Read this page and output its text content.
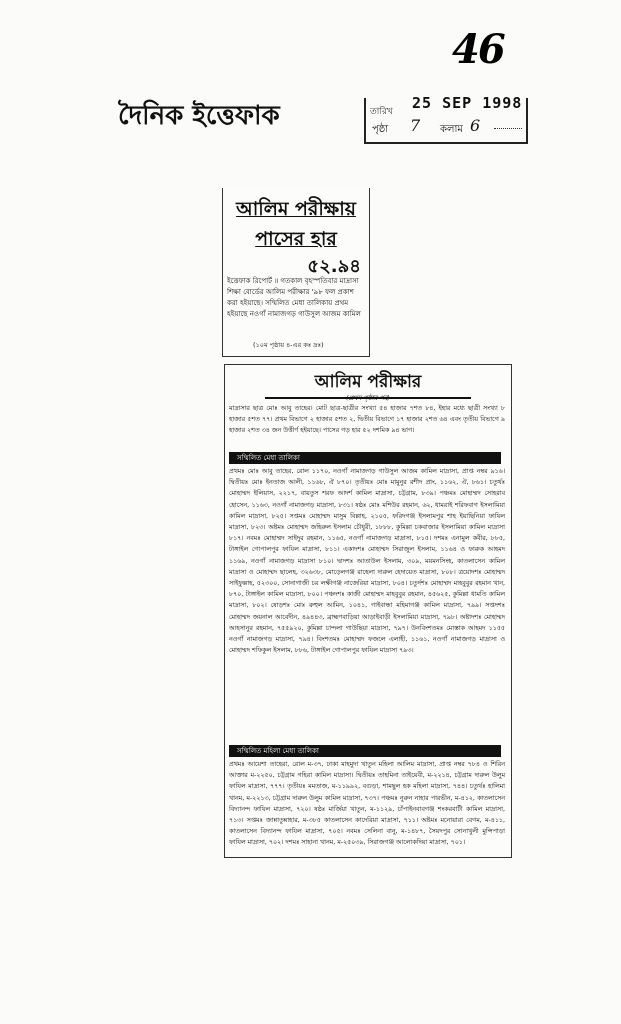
46
দৈনিক ইত্তেফাক	তারিখ 25 SEP 1998
পৃষ্ঠা 7 কলাম 6
আলিম পরীক্ষায়
পাসের হার
৫২.৯৪
ইত্তেফাক রিপোর্ট ॥ গতকাল বৃহস্পতিবার মাদ্রাসা শিক্ষা বোর্ডের আলিম পরীক্ষার '৯৮ ফল প্রকাশ করা হইয়াছে। সম্মিলিত মেধা তালিকায় প্রথম হইয়াছে নওগাঁ নামাজগড় গাউসুল আজম কামিল
(১০ম পৃষ্ঠায় ৪-এর কঃ দ্রঃ)
আলিম পরীক্ষার
(প্রথম পৃষ্ঠার পর)
মাদ্রাসার ছাত্র মোঃ আবু তাহের। মোট ছাত্র-ছাত্রীর সংখ্যা ৫৪ হাজার ৭শত ৮৪, ইহার মধ্যে ছাত্রী সংখ্যা ৮ হাজার ৫শত ৭৭। প্রথম বিভাগে ২ হাজার ৫শত ২, দ্বিতীয় বিভাগে ১৭ হাজার ২শত ৬৪ এবং তৃতীয় বিভাগে ৯ হাজার ২শত ৩৪ জন উত্তীর্ণ হইয়াছে। পাসের গড় হার ৫২ দশমিক ৯৪ ভাগ।
সম্মিলিত মেধা তালিকা
প্রথমঃ মোঃ আবু তাহের, রোল ১১৭০, নওগাঁ নামাজগড় গাউসুল আজম কামিল মাদ্রাসা, প্রাপ্ত নম্বর ৯১৬। দ্বিতীয়ঃ মোঃ ইনতাজ আলী, ১১৬৮, ঐ ৮৭০। তৃতীয়ঃ মোঃ মামুনুর রশীদ প্রাং, ১১৬২, ঐ, ৮৬১। চতুর্থঃ মোহাম্মদ ইলিয়াস, ২২১৭, বায়তুস শরফ আদর্শ কামিল মাদ্রাসা, চট্টগ্রাম, ৮৩৯। পঞ্চমঃ মোহাম্মদ সোহরাব হোসেন, ১১৬৩, নওগাঁ নামাজগড় মাদ্রাসা, ৮৩১। ষষ্ঠঃ মোঃ মশিউর রহমান, ৬২, ধামরাই শরিফবাগ ইসলামিয়া কামিল মাদ্রাসা, ৮২৫। সপ্তমঃ মোহাম্মদ মাসুম বিল্লাহ, ২১০৫, ফরিদগঞ্জ ইসলামপুর শাহ ইয়াছিনিয়া ফাযিল মাদ্রাসা, ৮২৩। অষ্টমঃ মোহাম্মদ জহিরুল ইসলাম চৌধুরী, ১৮৮৮, কুমিল্লা চকবাজার ইসলামিয়া কামিল মাদ্রাসা ৮১৭। নবমঃ মোহাম্মদ সাইদুর রহমান, ১১৬৫, নওগাঁ নামাজগড় মাদ্রাসা, ৮১৫। দশমঃ এনামুল কবীর, ৮৮৫, টাঙ্গাইল গোপালপুর ফাযিল মাদ্রাসা, ৮১১। একাদশঃ মোহাম্মদ সিরাজুল ইসলাম, ১১৬৪ ও ফারুক আহমদ ১১৬৯, নওগাঁ নামাজগড় মাদ্রাসা ৮১০। দ্বাদশঃ আতাউল ইসলাম, ৩০৯, ময়মনসিংহ, কাতলাসেন কামিল মাদ্রাসা ও মোহাম্মদ ছালেহ, ৩২৬৩৮, মোড়েলগঞ্জ রাহেলা দারুল হেদায়েত মাদ্রাসা, ৮০৮। ত্রয়োদশঃ মোহাম্মদ সাইফুল্লাহ, ৫২৩০০, সোনাগাজী চর লক্ষীগঞ্জ নাজেরিয়া মাদ্রাসা, ৮০৪। চতুর্দশঃ মোহাম্মদ মাহবুবুর রহমান খান, ৮৭০, টাঙ্গাইল কামিল মাদ্রাসা, ৮০০। পঞ্চদশঃ কাজী মোহাম্মদ মাহবুবুর রহমান, ৪৫৬২৫, কুমিল্লা ধামতি কামিল মাদ্রাসা, ৮০২। ষোড়শঃ মোঃ রুহুল আমিন, ১০৪১, গাইবান্ধা মহিমাগঞ্জ কামিল মাদ্রাসা, ৭৯৯। সপ্তদশঃ মোহাম্মদ জয়নাল আবেদীন, ৪৯৪৪৩, ব্রাহ্মণবাড়িয়া আড়াইবাড়ী ইসলামিয়া মাদ্রাসা, ৭৯৮। অষ্টাদশঃ মোহাম্মদ আহসানুর রহমান, ৭৫৫৯২০, কুমিল্লা চান্দলা গাউছিয়া মাদ্রাসা, ৭৯৭। উনবিংশতমঃ মোস্তাক আহমদ ১১৫৫ নওগাঁ নামাজগড় মাদ্রাসা, ৭৯৪। বিংশতমঃ মোহাম্মদ ফজলে এলাহী, ১১৬১, নওগাঁ নামাজগড় মাদ্রাসা ও মোহাম্মদ শফিকুল ইসলাম, ৮৮৬, টাঙ্গাইল গোপালপুর ফাযিল মাদ্রাসা ৭৯৩।
সম্মিলিত মহিলা মেধা তালিকা
প্রথমঃ আয়েশা তাহেরা, রোল ম-৩৭, ঢাকা মাহমুদা খাতুন মহিলা আলিম মাদ্রাসা, প্রাপ্ত নম্বর ৭৮৪ ও শিরিন আক্তার ম-২২৫০, চট্টগ্রাম গহিরা কামিল মাদ্রাসা। দ্বিতীয়ঃ তাহমিনা তাইয়েবী, ম-২২১৪, চট্টগ্রাম দারুল উলুম ফাযিল মাদ্রাসা, ৭৭৭। তৃতীয়ঃ মমতাজ, ম-১১৯৯২, বগুড়া, শামছুল হক মহিলা মাদ্রাসা, ৭৪৪। চতুর্থঃ হালিমা খানম, ম-২২১৩, চট্টগ্রাম দারুল উলুম কামিল মাদ্রাসা, ৭৩৭। পঞ্চমঃ নুরুন নাহার পারভীন, ম-৪১২, কাতলাসেন বিদ্যানন্দ ফাযিল মাদ্রাসা, ৭২০। ষষ্ঠঃ মার্জিয়া খাতুন, ম-১১২৯, চাঁপাইনবাবগঞ্জ শংকরবাটী কামিল মাদ্রাসা, ৭১৩। সপ্তমঃ জান্নাতুন্নাহার, ম-৩৮৫ কাতলাসেন কাদেরিয়া মাদ্রাসা, ৭১১। অষ্টমঃ মনোয়ারা বেগম, ম-৪১১, কাতলাসেন বিদ্যানন্দ ফাযিল মাদ্রাসা, ৭০৫। নবমঃ সেলিনা বানু, ম-১৪৮৭, সৈয়দপুর সোনাখুলী মুন্সিপাড়া ফাযিল মাদ্রাসা, ৭০২। দশমঃ সাহানা খানম, ম-২৫০৩৯, সিরাজগঞ্জ আলোকদিয়া মাদ্রাসা, ৭০১।
